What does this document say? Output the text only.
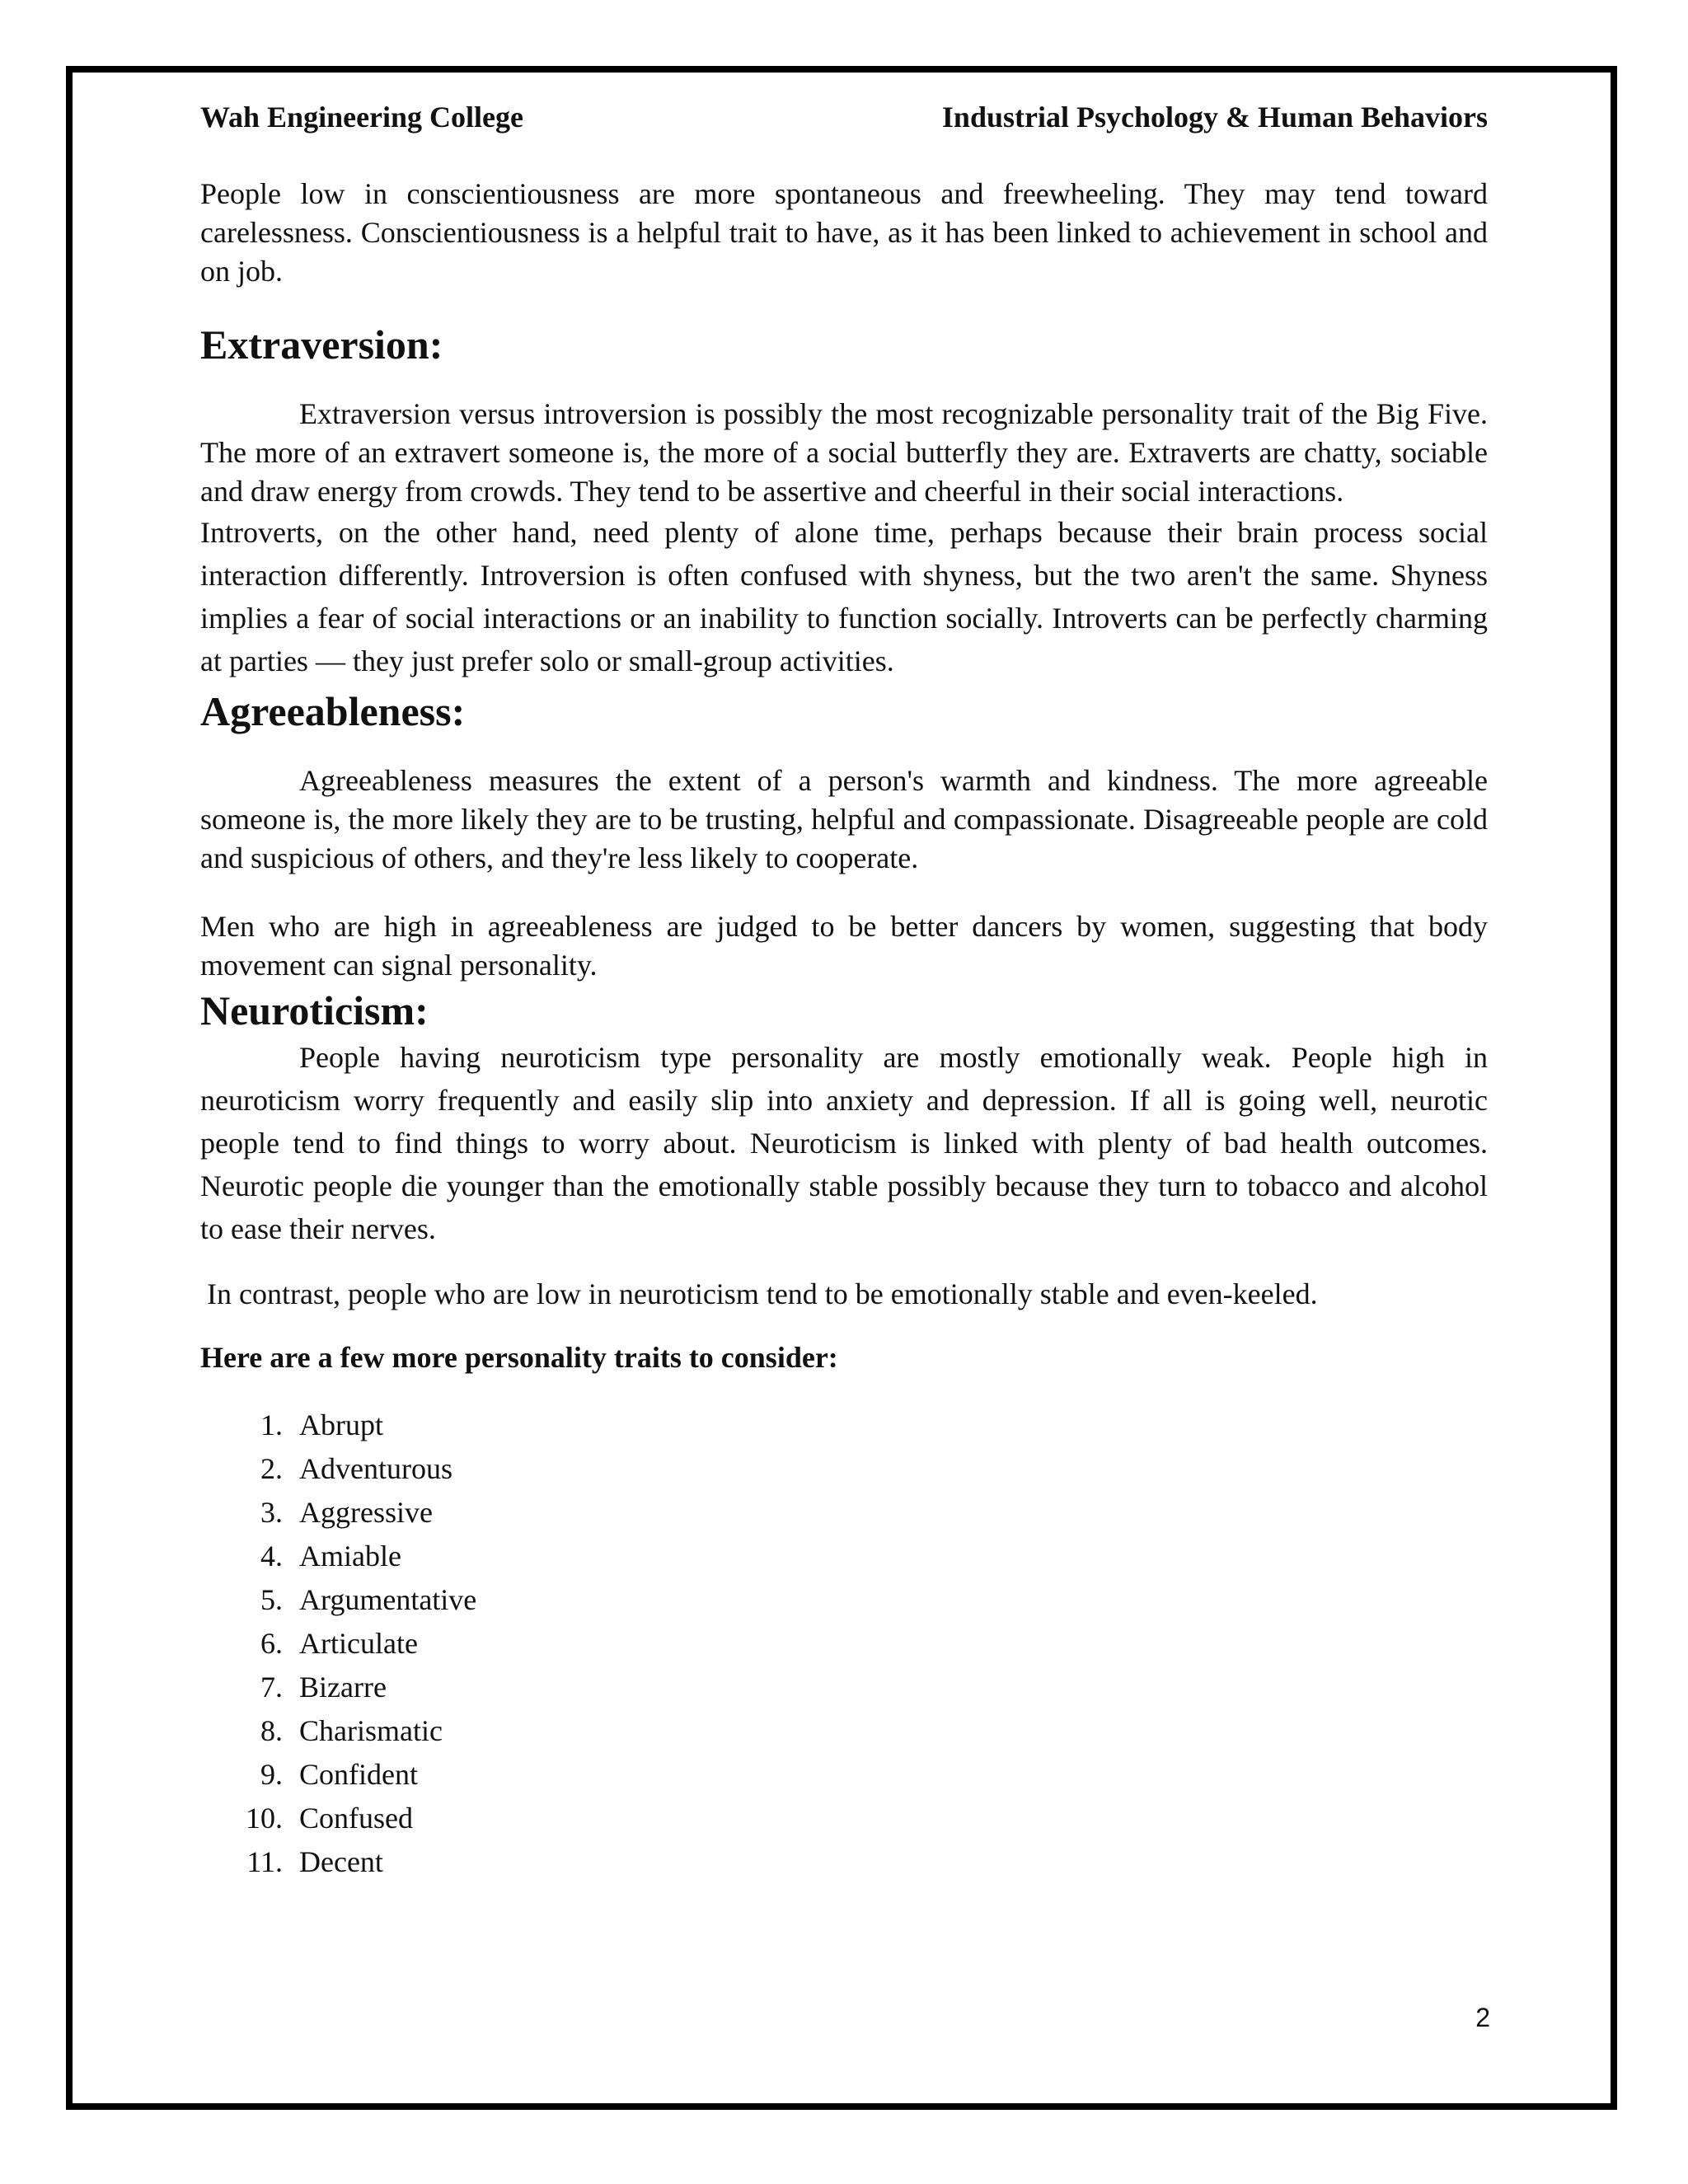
Wah Engineering College	Industrial Psychology & Human Behaviors

People low in conscientiousness are more spontaneous and freewheeling. They may tend toward carelessness. Conscientiousness is a helpful trait to have, as it has been linked to achievement in school and on job.

Extraversion:

Extraversion versus introversion is possibly the most recognizable personality trait of the Big Five. The more of an extravert someone is, the more of a social butterfly they are. Extraverts are chatty, sociable and draw energy from crowds. They tend to be assertive and cheerful in their social interactions.

Introverts, on the other hand, need plenty of alone time, perhaps because their brain process social interaction differently. Introversion is often confused with shyness, but the two aren't the same. Shyness implies a fear of social interactions or an inability to function socially. Introverts can be perfectly charming at parties — they just prefer solo or small-group activities.

Agreeableness:

Agreeableness measures the extent of a person's warmth and kindness. The more agreeable someone is, the more likely they are to be trusting, helpful and compassionate. Disagreeable people are cold and suspicious of others, and they're less likely to cooperate.

Men who are high in agreeableness are judged to be better dancers by women, suggesting that body movement can signal personality.

Neuroticism:

People having neuroticism type personality are mostly emotionally weak. People high in neuroticism worry frequently and easily slip into anxiety and depression. If all is going well, neurotic people tend to find things to worry about. Neuroticism is linked with plenty of bad health outcomes. Neurotic people die younger than the emotionally stable possibly because they turn to tobacco and alcohol to ease their nerves.

In contrast, people who are low in neuroticism tend to be emotionally stable and even-keeled.

Here are a few more personality traits to consider:

1. Abrupt
2. Adventurous
3. Aggressive
4. Amiable
5. Argumentative
6. Articulate
7. Bizarre
8. Charismatic
9. Confident
10. Confused
11. Decent
2
